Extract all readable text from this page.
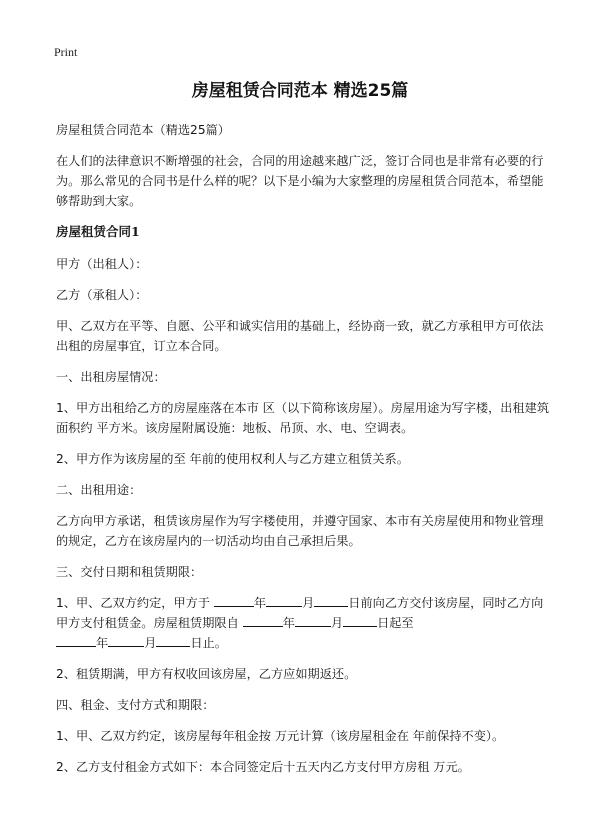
Print
房屋租赁合同范本 精选25篇

房屋租赁合同范本（精选25篇）

在人们的法律意识不断增强的社会，合同的用途越来越广泛，签订合同也是非常有必要的行为。那么常见的合同书是什么样的呢？以下是小编为大家整理的房屋租赁合同范本，希望能够帮助到大家。

房屋租赁合同1

甲方（出租人）：

乙方（承租人）：

甲、乙双方在平等、自愿、公平和诚实信用的基础上，经协商一致，就乙方承租甲方可依法出租的房屋事宜，订立本合同。

一、出租房屋情况：

1、甲方出租给乙方的房屋座落在本市 区（以下简称该房屋）。房屋用途为写字楼，出租建筑面积约 平方米。该房屋附属设施：地板、吊顶、水、电、空调表。

2、甲方作为该房屋的至 年前的使用权利人与乙方建立租赁关系。

二、出租用途：

乙方向甲方承诺，租赁该房屋作为写字楼使用，并遵守国家、本市有关房屋使用和物业管理的规定，乙方在该房屋内的一切活动均由自己承担后果。

三、交付日期和租赁期限：

1、甲、乙双方约定，甲方于	年	月	日前向乙方交付该房屋，同时乙方向甲方支付租赁金。房屋租赁期限自	年	月	日起至
年	月	日止。

2、租赁期满，甲方有权收回该房屋，乙方应如期返还。

四、租金、支付方式和期限：

1、甲、乙双方约定，该房屋每年租金按 万元计算（该房屋租金在 年前保持不变）。

2、乙方支付租金方式如下：本合同签定后十五天内乙方支付甲方房租 万元。
